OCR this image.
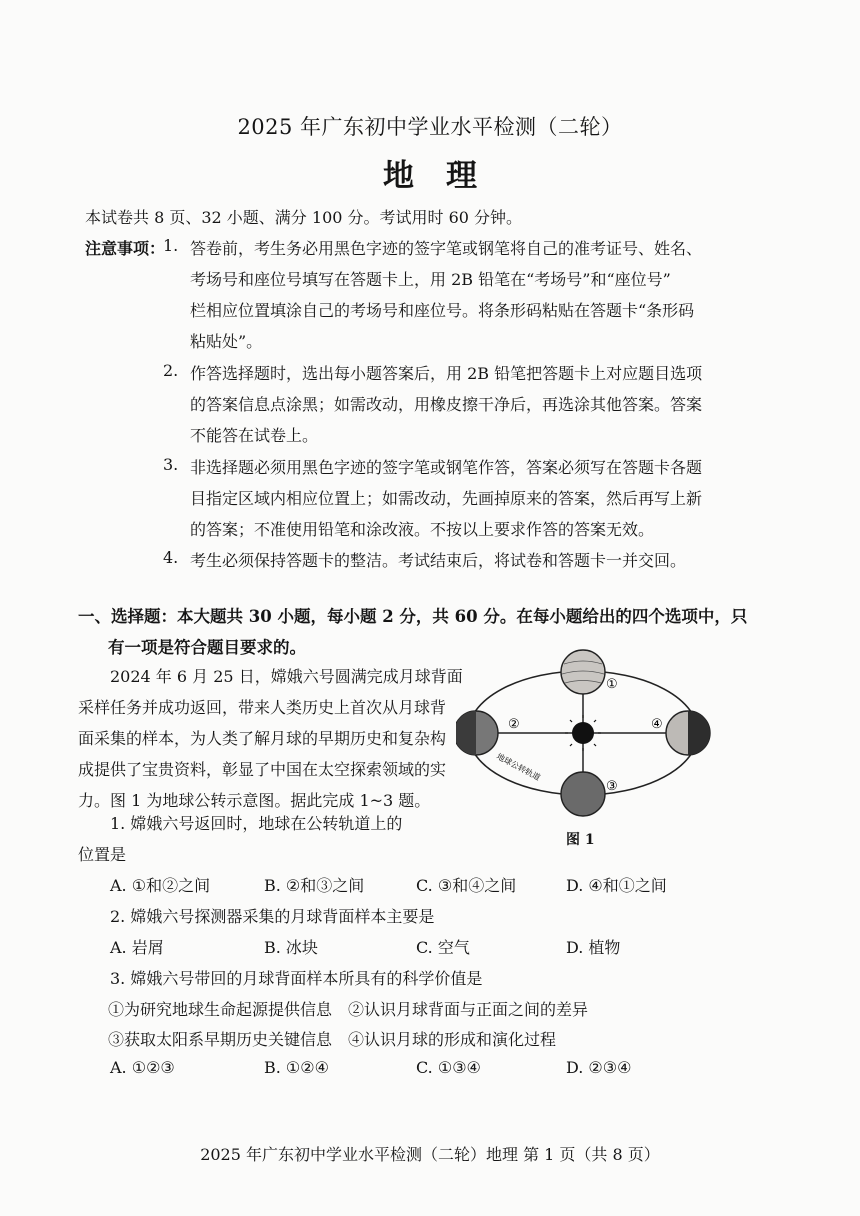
2025 年广东初中学业水平检测（二轮）
地理
本试卷共 8 页、32 小题、满分 100 分。考试用时 60 分钟。
注意事项：
1. 答卷前，考生务必用黑色字迹的签字笔或钢笔将自己的准考证号、姓名、
考场号和座位号填写在答题卡上，用 2B 铅笔在“考场号”和“座位号”
栏相应位置填涂自己的考场号和座位号。将条形码粘贴在答题卡“条形码
粘贴处”。
2. 作答选择题时，选出每小题答案后，用 2B 铅笔把答题卡上对应题目选项
的答案信息点涂黑；如需改动，用橡皮擦干净后，再选涂其他答案。答案
不能答在试卷上。
3. 非选择题必须用黑色字迹的签字笔或钢笔作答，答案必须写在答题卡各题
目指定区域内相应位置上；如需改动，先画掉原来的答案，然后再写上新
的答案；不准使用铅笔和涂改液。不按以上要求作答的答案无效。
4. 考生必须保持答题卡的整洁。考试结束后，将试卷和答题卡一并交回。
一、选择题：本大题共 30 小题，每小题 2 分，共 60 分。在每小题给出的四个选项中，只
有一项是符合题目要求的。
2024 年 6 月 25 日，嫦娥六号圆满完成月球背面
采样任务并成功返回，带来人类历史上首次从月球背
面采集的样本，为人类了解月球的早期历史和复杂构
成提供了宝贵资料，彰显了中国在太空探索领域的实
力。图 1 为地球公转示意图。据此完成 1~3 题。
①
②
③
④
地球公转轨道
图 1
1. 嫦娥六号返回时，地球在公转轨道上的
位置是
A. ①和②之间	B. ②和③之间	C. ③和④之间	D. ④和①之间
2. 嫦娥六号探测器采集的月球背面样本主要是
A. 岩屑	B. 冰块	C. 空气	D. 植物
3. 嫦娥六号带回的月球背面样本所具有的科学价值是
①为研究地球生命起源提供信息 ②认识月球背面与正面之间的差异
③获取太阳系早期历史关键信息 ④认识月球的形成和演化过程
A. ①②③	B. ①②④	C. ①③④	D. ②③④
2025 年广东初中学业水平检测（二轮）地理 第 1 页（共 8 页）
